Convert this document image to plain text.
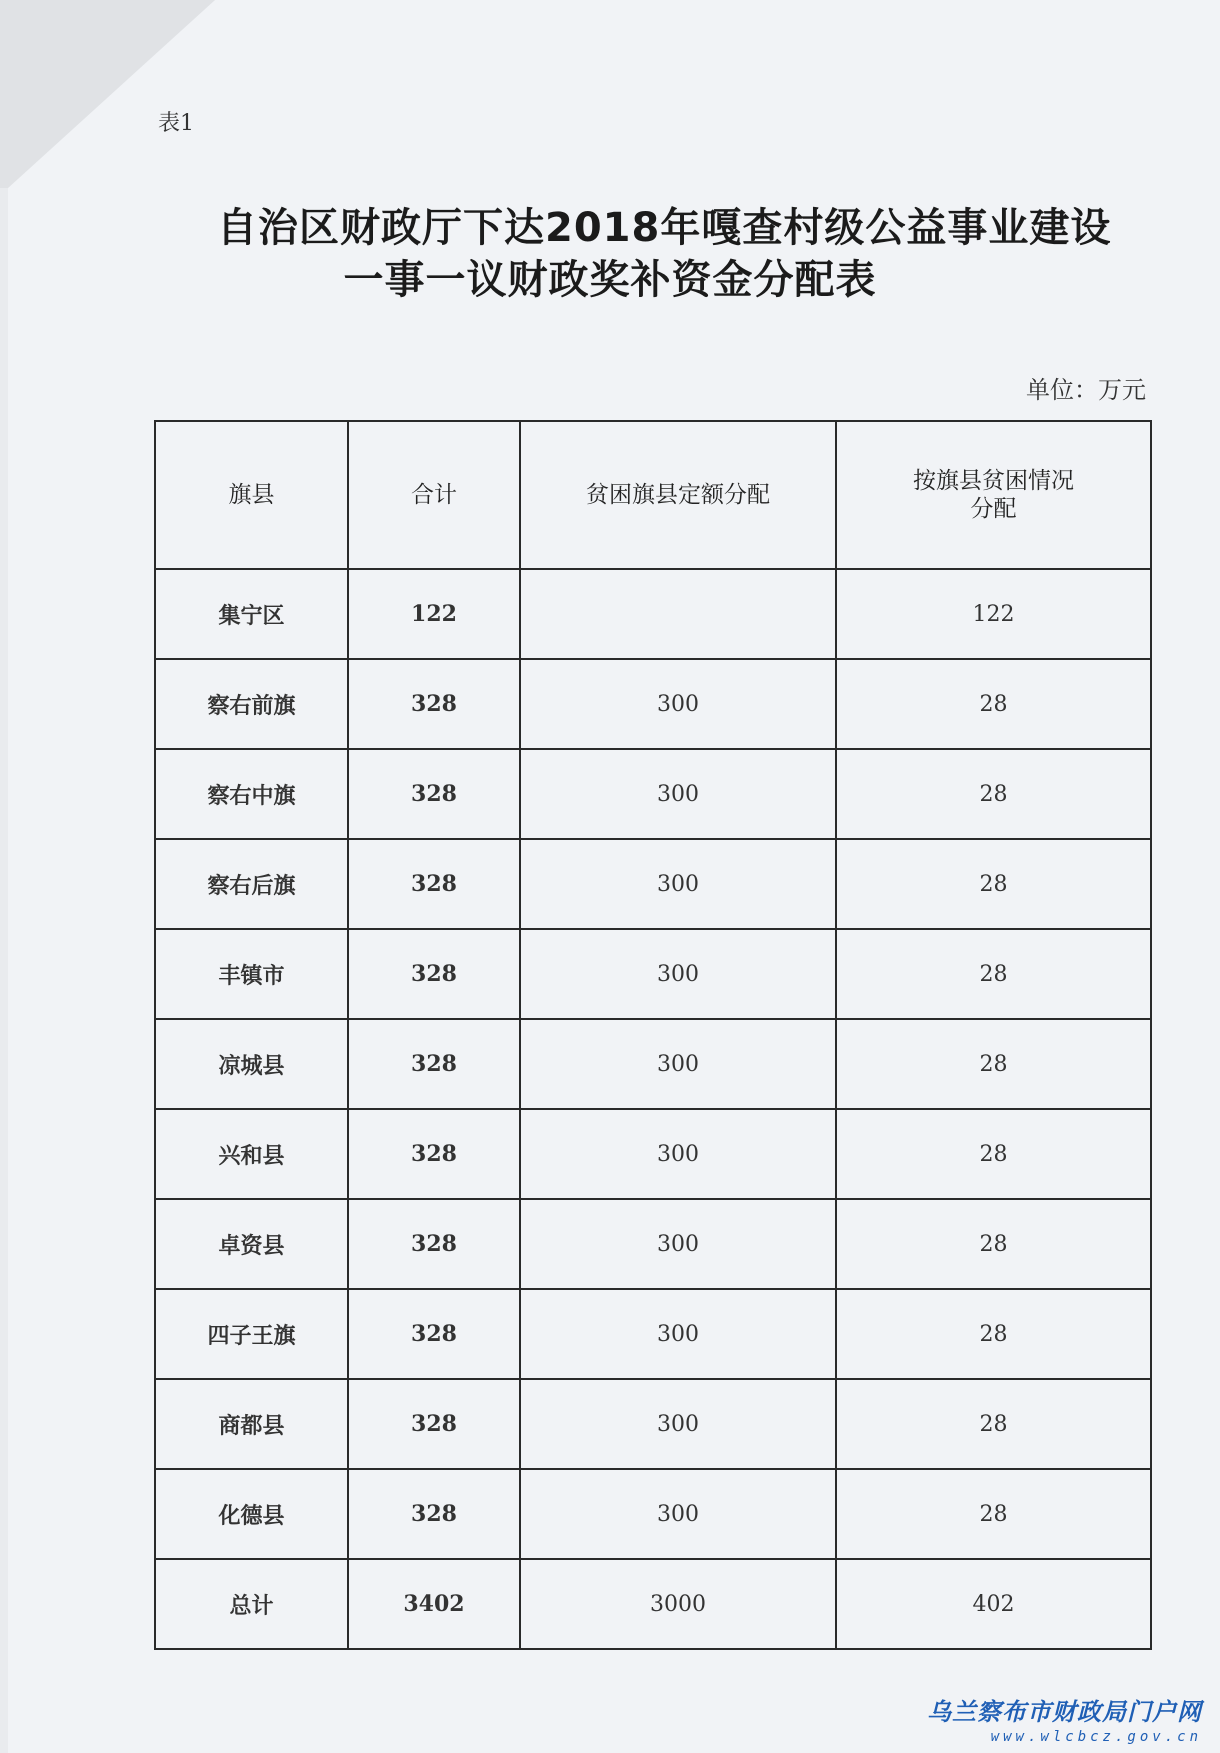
表1
自治区财政厅下达2018年嘎查村级公益事业建设
一事一议财政奖补资金分配表
单位：万元
旗县	合计	贫困旗县定额分配	按旗县贫困情况
分配
集宁区	122		122
察右前旗	328	300	28
察右中旗	328	300	28
察右后旗	328	300	28
丰镇市	328	300	28
凉城县	328	300	28
兴和县	328	300	28
卓资县	328	300	28
四子王旗	328	300	28
商都县	328	300	28
化德县	328	300	28
总计	3402	3000	402
乌兰察布市财政局门户网
www.wlcbcz.gov.cn
